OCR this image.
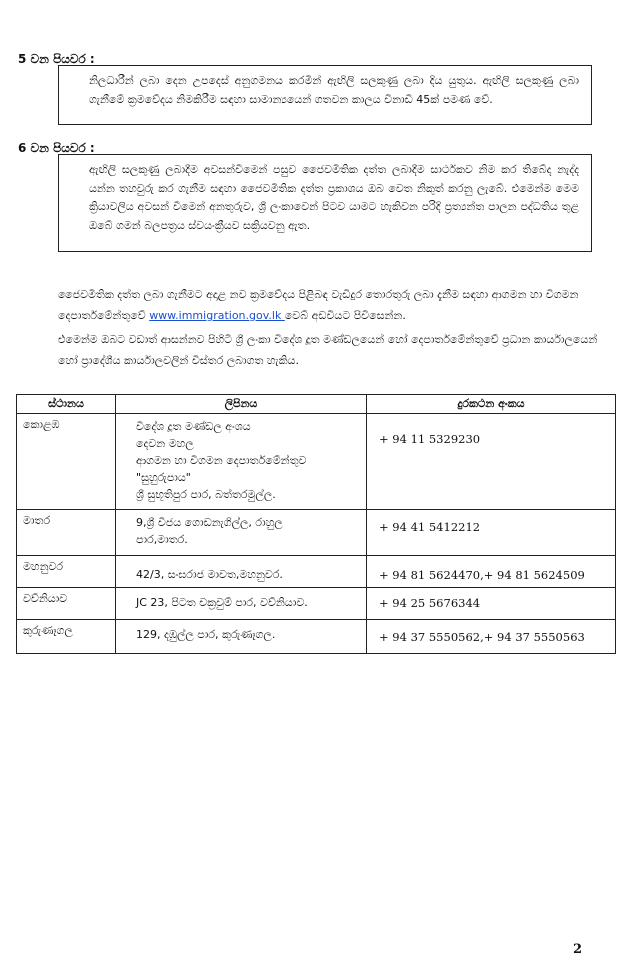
5 වන පියවර :
නිලධාරීන් ලබා දෙන උපදෙස් අනුගමනය කරමින් ඇඟිලි සලකුණු ලබා දිය යුතුය. ඇඟිලි සලකුණු ලබා ගැනීමේ ක්‍රමවේදය නිමකිරීම සඳහා සාමාන්‍යයෙන් ගතවන කාලය විනාඩි 45ක් පමණ වේ.
6 වන පියවර :
ඇඟිලි සලකුණු ලබාදීම අවසන්වීමෙන් පසුව ජෛවමිතික දත්ත ලබාදීම සාර්ථකව නිම කර තිබේද නැද්ද යන්න තහවුරු කර ගැනීම සඳහා ජෛවමිතික දත්ත ප්‍රකාශය ඔබ වෙත නිකුත් කරනු ලැබේ. එමෙන්ම මෙම ක්‍රියාවලිය අවසන් වීමෙන් අනතුරුව, ශ්‍රී ලංකාවෙන් පිටව යාමට හැකිවන පරිදි ප්‍රත්‍යන්ත පාලන පද්ධතිය තුළ ඔබේ ගමන් බලපත්‍රය ස්වයංක්‍රීයව සක්‍රියවනු ඇත.
ජෛවමිතික දත්ත ලබා ගැනීමට අදාළ නව ක්‍රමවේදය පිළිබඳ වැඩිදුර තොරතුරු ලබා දැනීම සඳහා ආගමන හා විගමන දෙපාර්තමේන්තුවේ www.immigration.gov.lk වෙබ් අඩවියට පිවිසෙන්න.
එමෙන්ම ඔබට වඩාත් ආසන්නව පිහිටි ශ්‍රී ලංකා විදේශ දූත මණ්ඩලයෙන් හෝ දෙපාර්තමේන්තුවේ ප්‍රධාන කාර්යාලයෙන් හෝ ප්‍රාදේශීය කාර්යාලවලින් විස්තර ලබාගත හැකිය.
ස්ථානය	ලිපිනය	දුරකථන අංකය
කොළඹ	විදේශ දූත මණ්ඩල අංශය
දෙවන මහල
ආගමන හා විගමන දෙපාර්තමේන්තුව
"සුහුරුපාය"
ශ්‍රී සුභූතිපුර පාර, බත්තරමුල්ල.	+ 94 11 5329230

මාතර	9,ශ්‍රී විජය ගොඩනැගිල්ල, රාහුල
පාර,මාතර.	+ 94 41 5412212

මහනුවර	42/3, සංඝරාජ මාවත,මහනුවර.	+ 94 81 5624470,+ 94 81 5624509

වව්නියාව	JC 23, පිටත චක්‍රවුම් පාර, වව්නියාව.	+ 94 25 5676344

කුරුණෑගල	129, දඹුල්ල පාර, කුරුණෑගල.	+ 94 37 5550562,+ 94 37 5550563
2
